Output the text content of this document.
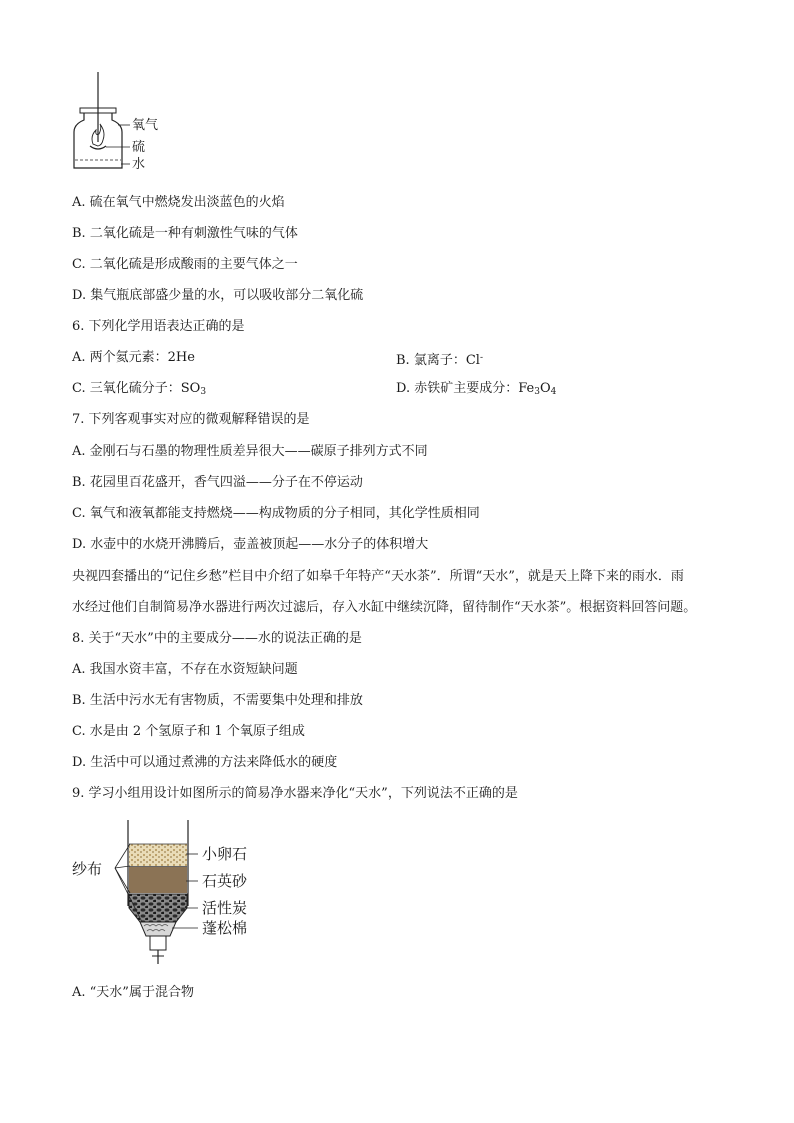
氧气
硫
水
A. 硫在氧气中燃烧发出淡蓝色的火焰
B. 二氧化硫是一种有刺激性气味的气体
C. 二氧化硫是形成酸雨的主要气体之一
D. 集气瓶底部盛少量的水，可以吸收部分二氧化硫
6. 下列化学用语表达正确的是
A. 两个氦元素：2He	B. 氯离子：Cl-
C. 三氧化硫分子：$SO_3$	D. 赤铁矿主要成分：$Fe_3O_4$
7. 下列客观事实对应的微观解释错误的是
A. 金刚石与石墨的物理性质差异很大——碳原子排列方式不同
B. 花园里百花盛开，香气四溢——分子在不停运动
C. 氧气和液氧都能支持燃烧——构成物质的分子相同，其化学性质相同
D. 水壶中的水烧开沸腾后，壶盖被顶起——水分子的体积增大
央视四套播出的“记住乡愁”栏目中介绍了如皋千年特产“天水茶”．所谓“天水”，就是天上降下来的雨水．雨
水经过他们自制简易净水器进行两次过滤后，存入水缸中继续沉降，留待制作“天水茶”。根据资料回答问题。
8. 关于“天水”中的主要成分——水的说法正确的是
A. 我国水资丰富，不存在水资短缺问题
B. 生活中污水无有害物质，不需要集中处理和排放
C. 水是由 2 个氢原子和 1 个氧原子组成
D. 生活中可以通过煮沸的方法来降低水的硬度
9. 学习小组用设计如图所示的简易净水器来净化“天水”，下列说法不正确的是
纱布
小卵石
石英砂
活性炭
蓬松棉
A. “天水”属于混合物
